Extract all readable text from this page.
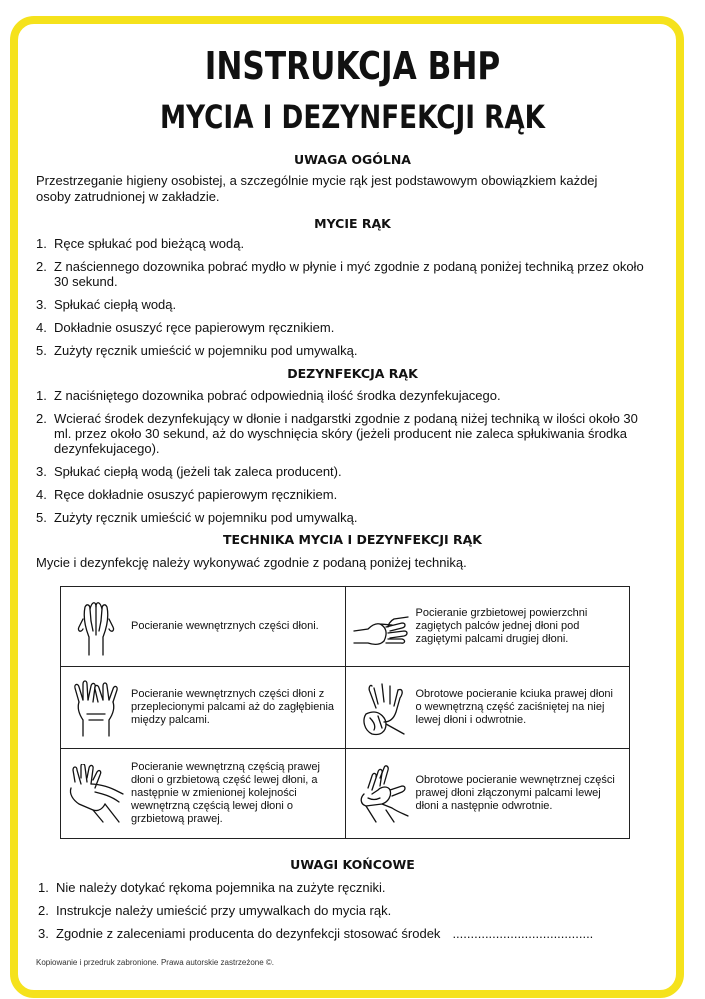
INSTRUKCJA BHP
MYCIA I DEZYNFEKCJI RĄK
UWAGA OGÓLNA
Przestrzeganie higieny osobistej, a szczególnie mycie rąk jest podstawowym obowiązkiem każdej
osoby zatrudnionej w zakładzie.
MYCIE RĄK
1. Ręce spłukać pod bieżącą wodą.
2. Z naściennego dozownika pobrać mydło w płynie i myć zgodnie z podaną poniżej techniką przez około 30 sekund.
3. Spłukać ciepłą wodą.
4. Dokładnie osuszyć ręce papierowym ręcznikiem.
5. Zużyty ręcznik umieścić w pojemniku pod umywalką.
DEZYNFEKCJA RĄK
1. Z naciśniętego dozownika pobrać odpowiednią ilość środka dezynfekujacego.
2. Wcierać środek dezynfekujący w dłonie i nadgarstki zgodnie z podaną niżej techniką w ilości około 30 ml. przez około 30 sekund, aż do wyschnięcia skóry (jeżeli producent nie zaleca spłukiwania środka dezynfekujacego).
3. Spłukać ciepłą wodą (jeżeli tak zaleca producent).
4. Ręce dokładnie osuszyć papierowym ręcznikiem.
5. Zużyty ręcznik umieścić w pojemniku pod umywalką.
TECHNIKA MYCIA I DEZYNFEKCJI RĄK
Mycie i dezynfekcję należy wykonywać zgodnie z podaną poniżej techniką.
Pocieranie wewnętrznych części dłoni.	Pocieranie grzbietowej powierzchni zagiętych palców jednej dłoni pod zagiętymi palcami drugiej dłoni.

Pocieranie wewnętrznych części dłoni z przeplecionymi palcami aż do zagłębienia między palcami.	Obrotowe pocieranie kciuka prawej dłoni o wewnętrzną część zaciśniętej na niej lewej dłoni i odwrotnie.

Pocieranie wewnętrzną częścią prawej dłoni o grzbietową część lewej dłoni, a następnie w zmienionej kolejności wewnętrzną częścią lewej dłoni o grzbietową prawej.	Obrotowe pocieranie wewnętrznej części prawej dłoni złączonymi palcami lewej dłoni a następnie odwrotnie.
UWAGI KOŃCOWE
1. Nie należy dotykać rękoma pojemnika na zużyte ręczniki.
2. Instrukcje należy umieścić przy umywalkach do mycia rąk.
3. Zgodnie z zaleceniami producenta do dezynfekcji stosować środek .......................................
Kopiowanie i przedruk zabronione. Prawa autorskie zastrzeżone ©.
